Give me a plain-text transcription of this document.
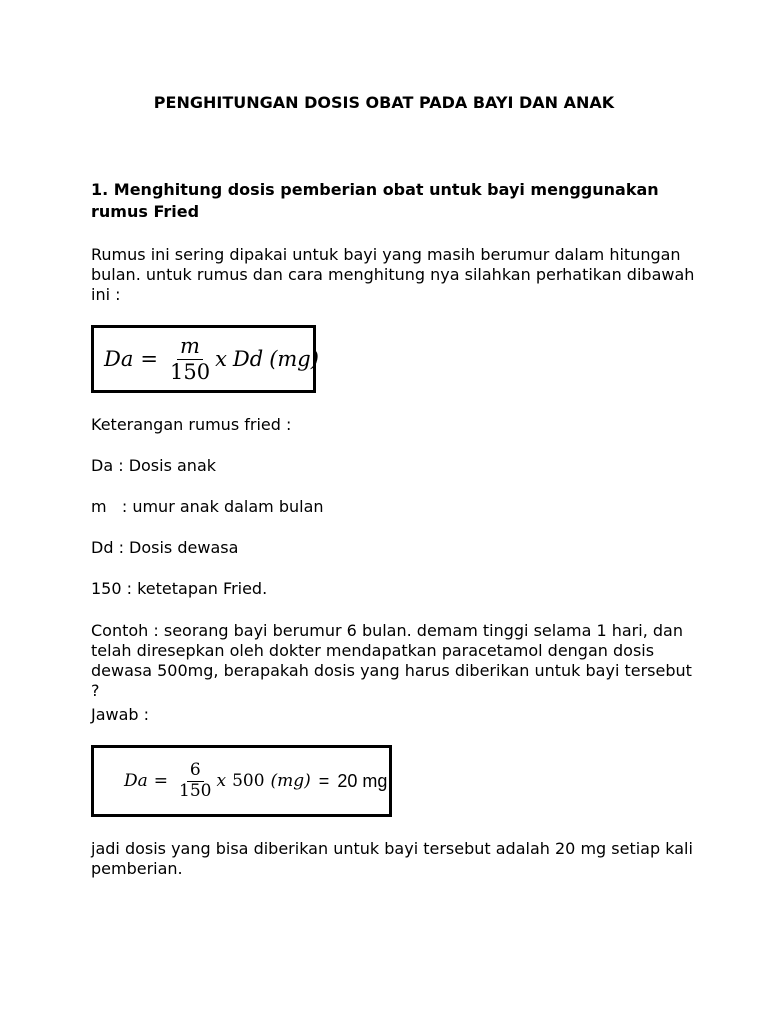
PENGHITUNGAN DOSIS OBAT PADA BAYI DAN ANAK
1. Menghitung dosis pemberian obat untuk bayi menggunakan
rumus Fried
Rumus ini sering dipakai untuk bayi yang masih berumur dalam hitungan
bulan. untuk rumus dan cara menghitung nya silahkan perhatikan dibawah
ini :
$Da = \frac{m}{150}$ x Dd (mg)
Keterangan rumus fried :
Da : Dosis anak
m   : umur anak dalam bulan
Dd : Dosis dewasa
150 : ketetapan Fried.
Contoh : seorang bayi berumur 6 bulan. demam tinggi selama 1 hari, dan
telah diresepkan oleh dokter mendapatkan paracetamol dengan dosis
dewasa 500mg, berapakah dosis yang harus diberikan untuk bayi tersebut ?
Jawab :
$Da = \frac{6}{150}$ x 500 (mg) = 20 mg
jadi dosis yang bisa diberikan untuk bayi tersebut adalah 20 mg setiap kali
pemberian.
